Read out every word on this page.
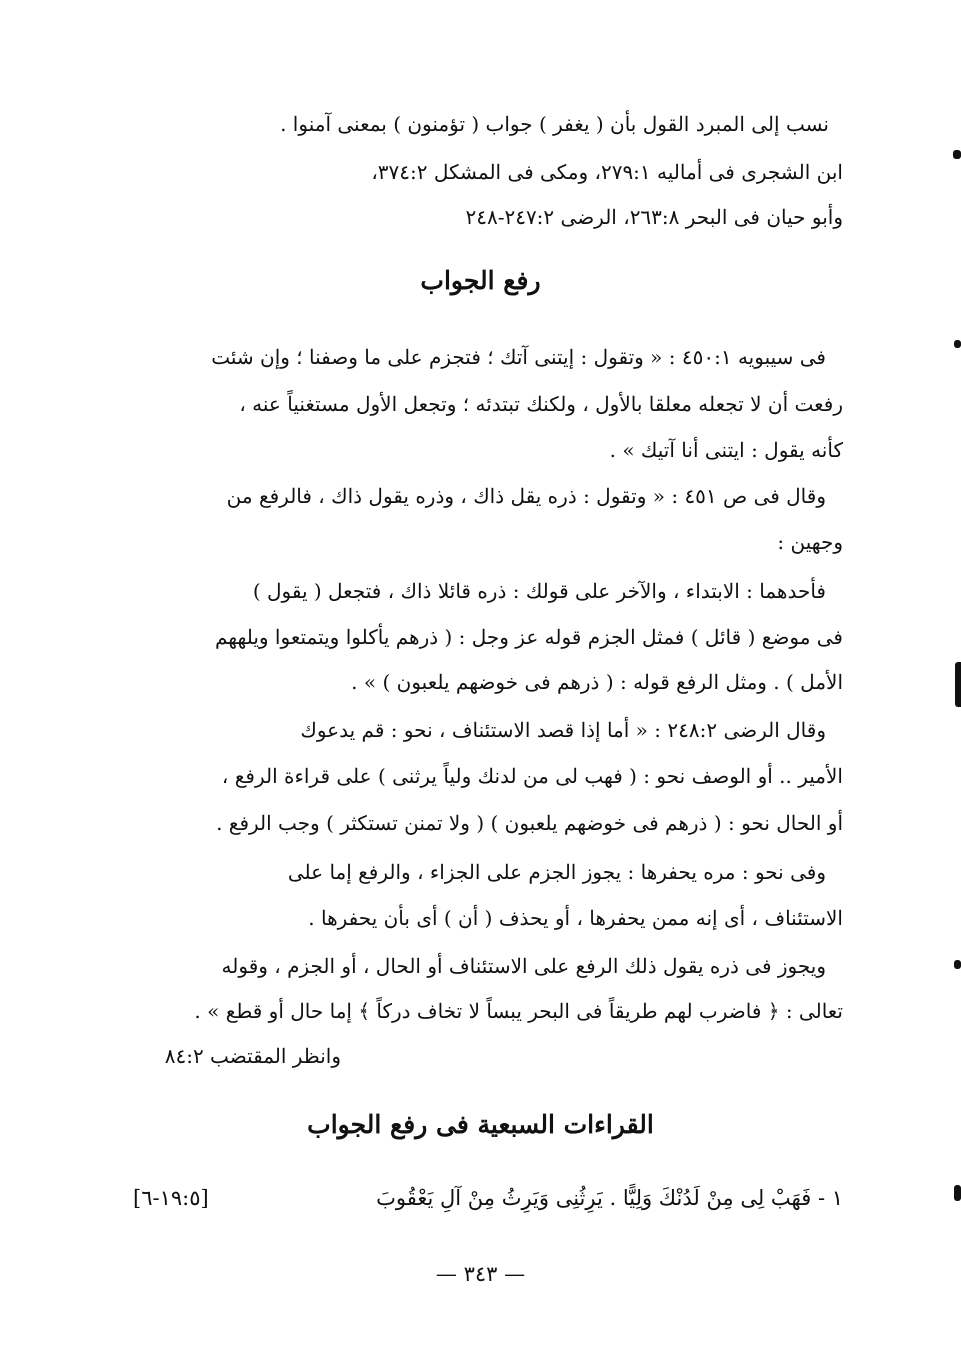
نسب إلى المبرد القول بأن ( يغفر ) جواب ( تؤمنون ) بمعنى آمنوا .
ابن الشجرى فى أماليه ٢٧٩:١، ومكى فى المشكل ٣٧٤:٢،
وأبو حيان فى البحر ٢٦٣:٨، الرضى ٢٤٧:٢-٢٤٨
رفع الجواب
فى سيبويه ٤٥٠:١ : « وتقول : إيتنى آتك ؛ فتجزم على ما وصفنا ؛ وإن شئت
رفعت أن لا تجعله معلقا بالأول ، ولكنك تبتدئه ؛ وتجعل الأول مستغنياً عنه ،
كأنه يقول : ايتنى أنا آتيك » .
وقال فى ص ٤٥١ : « وتقول : ذره يقل ذاك ، وذره يقول ذاك ، فالرفع من
وجهين :
فأحدهما : الابتداء ، والآخر على قولك : ذره قائلا ذاك ، فتجعل ( يقول )
فى موضع ( قائل ) فمثل الجزم قوله عز وجل : ( ذرهم يأكلوا ويتمتعوا ويلههم
الأمل ) . ومثل الرفع قوله : ( ذرهم فى خوضهم يلعبون ) » .
وقال الرضى ٢٤٨:٢ : « أما إذا قصد الاستئناف ، نحو : قم يدعوك
الأمير .. أو الوصف نحو : ( فهب لى من لدنك ولياً يرثنى ) على قراءة الرفع ،
أو الحال نحو : ( ذرهم فى خوضهم يلعبون ) ( ولا تمنن تستكثر ) وجب الرفع .
وفى نحو : مره يحفرها : يجوز الجزم على الجزاء ، والرفع إما على
الاستئناف ، أى إنه ممن يحفرها ، أو يحذف ( أن ) أى بأن يحفرها .
ويجوز فى ذره يقول ذلك الرفع على الاستئناف أو الحال ، أو الجزم ، وقوله
تعالى : ﴿ فاضرب لهم طريقاً فى البحر يبساً لا تخاف دركاً ﴾ إما حال أو قطع » .
وانظر المقتضب ٨٤:٢
القراءات السبعية فى رفع الجواب
١ - فَهَبْ لِى مِنْ لَدُنْكَ وَلِيًّا . يَرِثُنِى وَيَرِثُ مِنْ آلِ يَعْقُوبَ
[١٩:٥-٦]
— ٣٤٣ —
